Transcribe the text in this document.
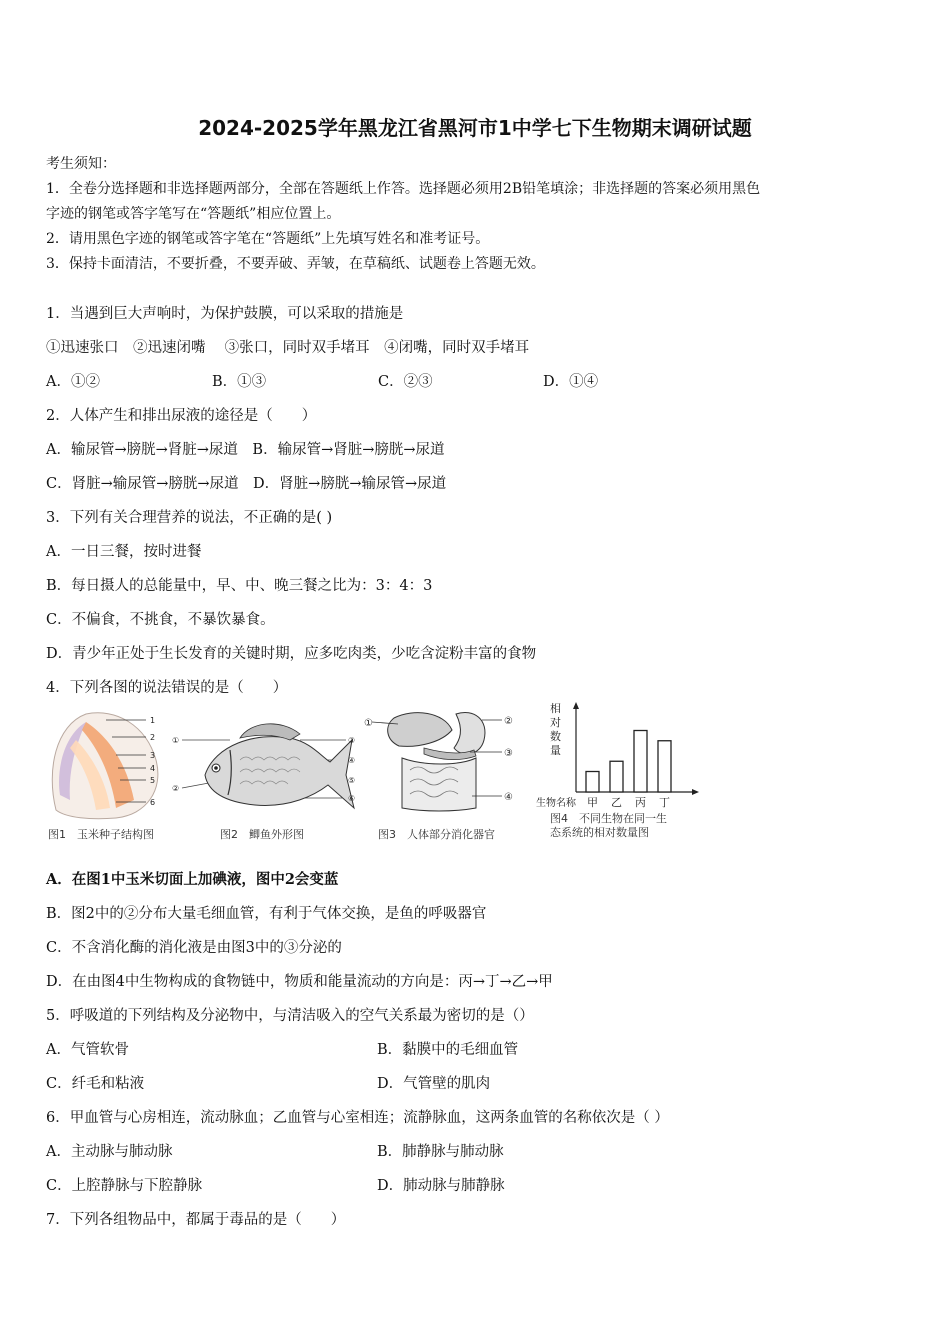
2024-2025学年黑龙江省黑河市1中学七下生物期末调研试题
考生须知：
1．全卷分选择题和非选择题两部分，全部在答题纸上作答。选择题必须用2B铅笔填涂；非选择题的答案必须用黑色
字迹的钢笔或答字笔写在“答题纸”相应位置上。
2．请用黑色字迹的钢笔或答字笔在“答题纸”上先填写姓名和准考证号。
3．保持卡面清洁，不要折叠，不要弄破、弄皱，在草稿纸、试题卷上答题无效。
1．当遇到巨大声响时，为保护鼓膜，可以采取的措施是
①迅速张口　②迅速闭嘴　 ③张口，同时双手堵耳　④闭嘴，同时双手堵耳
A．①②	B．①③	C．②③	D．①④
2．人体产生和排出尿液的途径是（　　）
A．输尿管→膀胱→肾脏→尿道　B．输尿管→肾脏→膀胱→尿道
C．肾脏→输尿管→膀胱→尿道　D．肾脏→膀胱→输尿管→尿道
3．下列有关合理营养的说法，不正确的是( )
A．一日三餐，按时进餐
B．每日摄人的总能量中，早、中、晚三餐之比为：3：4：3
C．不偏食，不挑食，不暴饮暴食。
D．青少年正处于生长发育的关键时期，应多吃肉类，少吃含淀粉丰富的食物
4．下列各图的说法错误的是（　　）
1
2
3
4
5
6
图1　玉米种子结构图
①
②
③
④
⑤
⑥
图2　鲫鱼外形图
①	②
③
④
图3　人体部分消化器官
相
对
数
量
生物名称 甲 乙 丙 丁
图4　不同生物在同一生
态系统的相对数量图
A．在图1中玉米切面上加碘液，图中2会变蓝
B．图2中的②分布大量毛细血管，有利于气体交换，是鱼的呼吸器官
C．不含消化酶的消化液是由图3中的③分泌的
D．在由图4中生物构成的食物链中，物质和能量流动的方向是：丙→丁→乙→甲
5．呼吸道的下列结构及分泌物中，与清洁吸入的空气关系最为密切的是（）
A．气管软骨	B．黏膜中的毛细血管
C．纤毛和粘液	D．气管壁的肌肉
6．甲血管与心房相连，流动脉血；乙血管与心室相连；流静脉血，这两条血管的名称依次是（ ）
A．主动脉与肺动脉	B．肺静脉与肺动脉
C．上腔静脉与下腔静脉	D．肺动脉与肺静脉
7．下列各组物品中，都属于毒品的是（　　）
